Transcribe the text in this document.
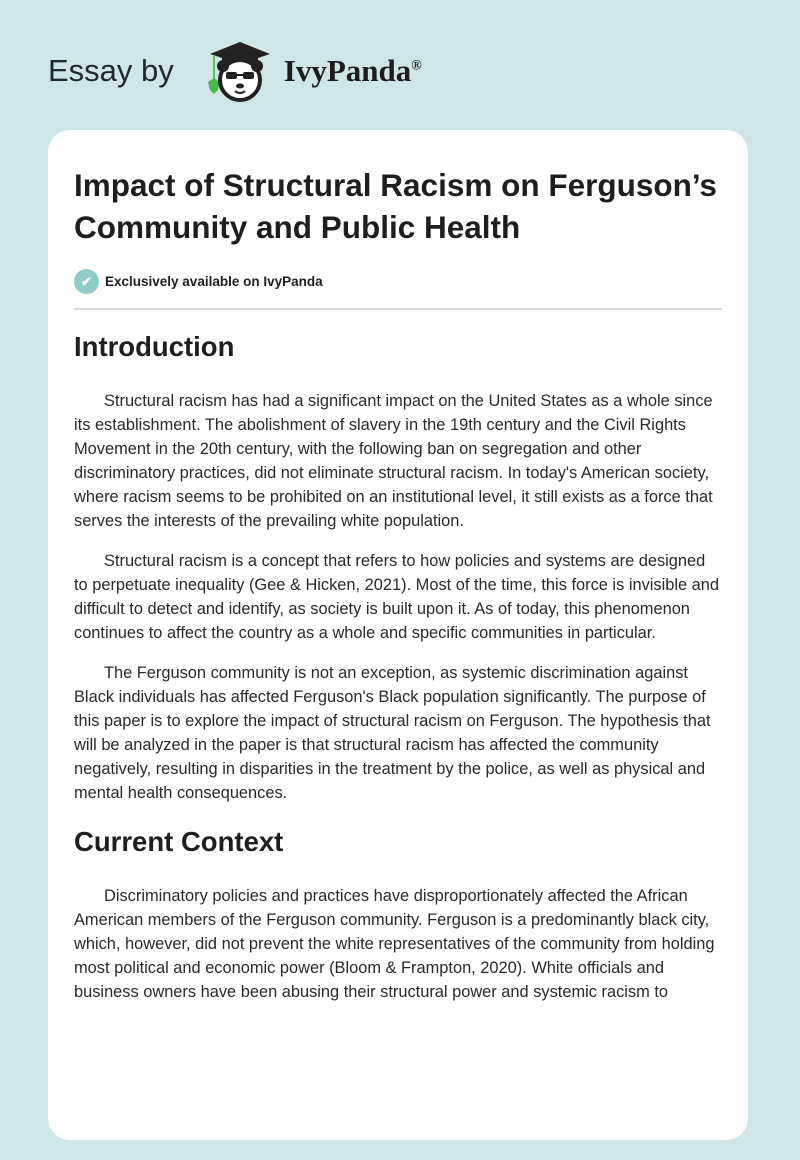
Essay by	IvyPanda®
Impact of Structural Racism on Ferguson’s Community and Public Health
✔ Exclusively available on IvyPanda
Introduction

Structural racism has had a significant impact on the United States as a whole since its establishment. The abolishment of slavery in the 19th century and the Civil Rights Movement in the 20th century, with the following ban on segregation and other discriminatory practices, did not eliminate structural racism. In today's American society, where racism seems to be prohibited on an institutional level, it still exists as a force that serves the interests of the prevailing white population.

Structural racism is a concept that refers to how policies and systems are designed to perpetuate inequality (Gee & Hicken, 2021). Most of the time, this force is invisible and difficult to detect and identify, as society is built upon it. As of today, this phenomenon continues to affect the country as a whole and specific communities in particular.

The Ferguson community is not an exception, as systemic discrimination against Black individuals has affected Ferguson's Black population significantly. The purpose of this paper is to explore the impact of structural racism on Ferguson. The hypothesis that will be analyzed in the paper is that structural racism has affected the community negatively, resulting in disparities in the treatment by the police, as well as physical and mental health consequences.

Current Context

Discriminatory policies and practices have disproportionately affected the African American members of the Ferguson community. Ferguson is a predominantly black city, which, however, did not prevent the white representatives of the community from holding most political and economic power (Bloom & Frampton, 2020). White officials and business owners have been abusing their structural power and systemic racism to
